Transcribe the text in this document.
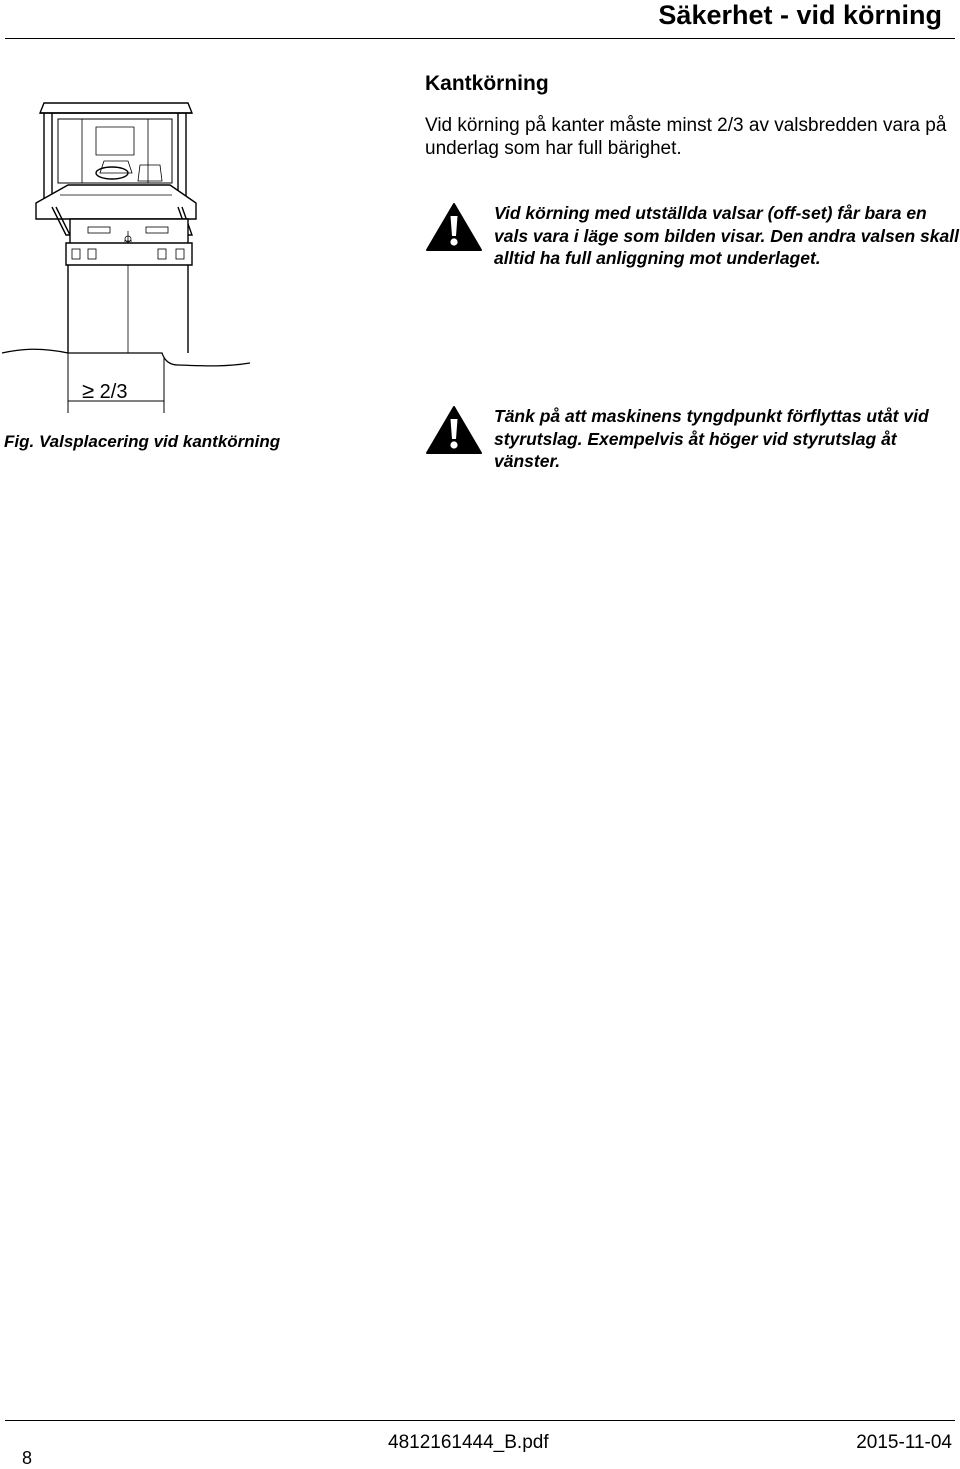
Säkerhet - vid körning
≥ 2/3
Fig. Valsplacering vid kantkörning
Kantkörning
Vid körning på kanter måste minst 2/3 av valsbredden vara på underlag som har full bärighet.
Vid körning med utställda valsar (off-set) får bara en vals vara i läge som bilden visar. Den andra valsen skall alltid ha full anliggning mot underlaget.
Tänk på att maskinens tyngdpunkt förflyttas utåt vid styrutslag. Exempelvis åt höger vid styrutslag åt vänster.
8
4812161444_B.pdf	2015-11-04
